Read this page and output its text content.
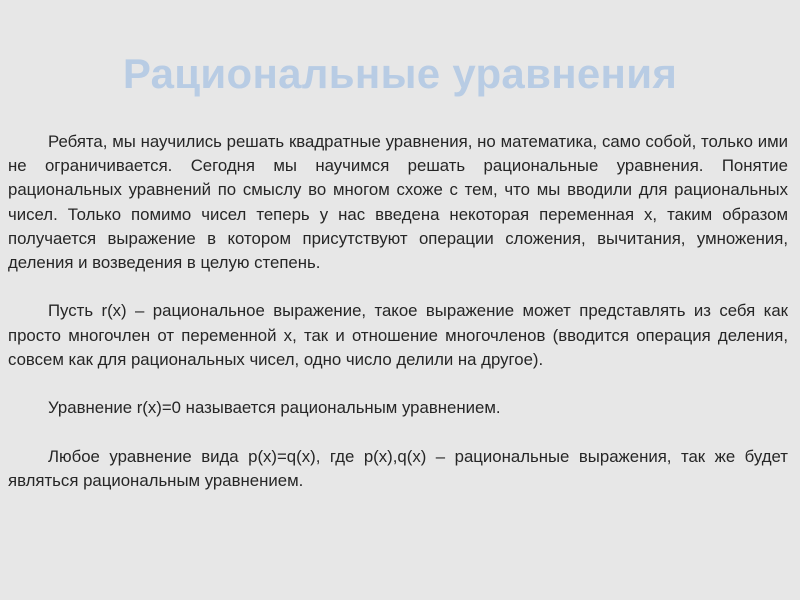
Рациональные уравнения

Ребята, мы научились решать квадратные уравнения, но математика, само собой, только ими не ограничивается. Сегодня мы научимся решать рациональные уравнения. Понятие рациональных уравнений по смыслу во многом схоже с тем, что мы вводили для рациональных чисел. Только помимо чисел теперь у нас введена некоторая переменная x, таким образом получается выражение в котором присутствуют операции сложения, вычитания, умножения, деления и возведения в целую степень.

Пусть r(x) – рациональное выражение, такое выражение может представлять из себя как просто многочлен от переменной x, так и отношение многочленов (вводится операция деления, совсем как для рациональных чисел, одно число делили на другое).

Уравнение r(x)=0 называется рациональным уравнением.

Любое уравнение вида p(x)=q(x), где p(x),q(x) – рациональные выражения, так же будет являться рациональным уравнением.
